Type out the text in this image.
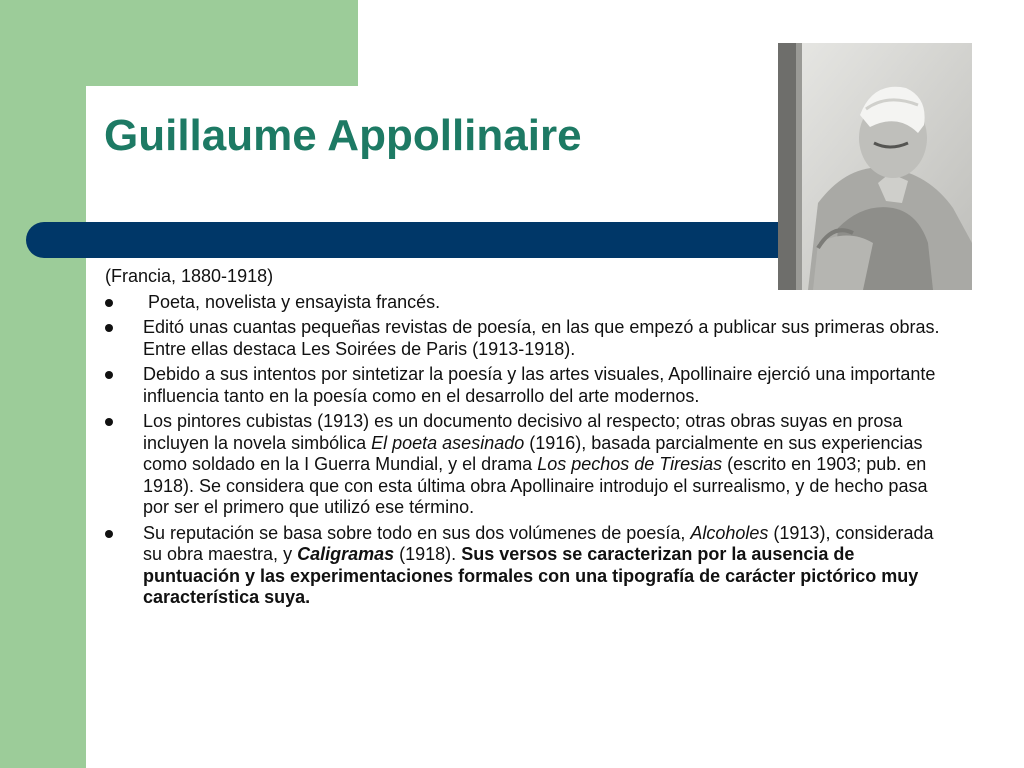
Guillaume Appollinaire

(Francia, 1880-1918)

Poeta, novelista y ensayista francés.
Editó unas cuantas pequeñas revistas de poesía, en las que empezó a publicar sus primeras obras. Entre ellas destaca Les Soirées de Paris (1913-1918).
Debido a sus intentos por sintetizar la poesía y las artes visuales, Apollinaire ejerció una importante influencia tanto en la poesía como en el desarrollo del arte modernos.
Los pintores cubistas (1913) es un documento decisivo al respecto; otras obras suyas en prosa incluyen la novela simbólica El poeta asesinado (1916), basada parcialmente en sus experiencias como soldado en la I Guerra Mundial, y el drama Los pechos de Tiresias (escrito en 1903; pub. en 1918). Se considera que con esta última obra Apollinaire introdujo el surrealismo, y de hecho pasa por ser el primero que utilizó ese término.
Su reputación se basa sobre todo en sus dos volúmenes de poesía, Alcoholes (1913), considerada su obra maestra, y Caligramas (1918). Sus versos se caracterizan por la ausencia de puntuación y las experimentaciones formales con una tipografía de carácter pictórico muy característica suya.
